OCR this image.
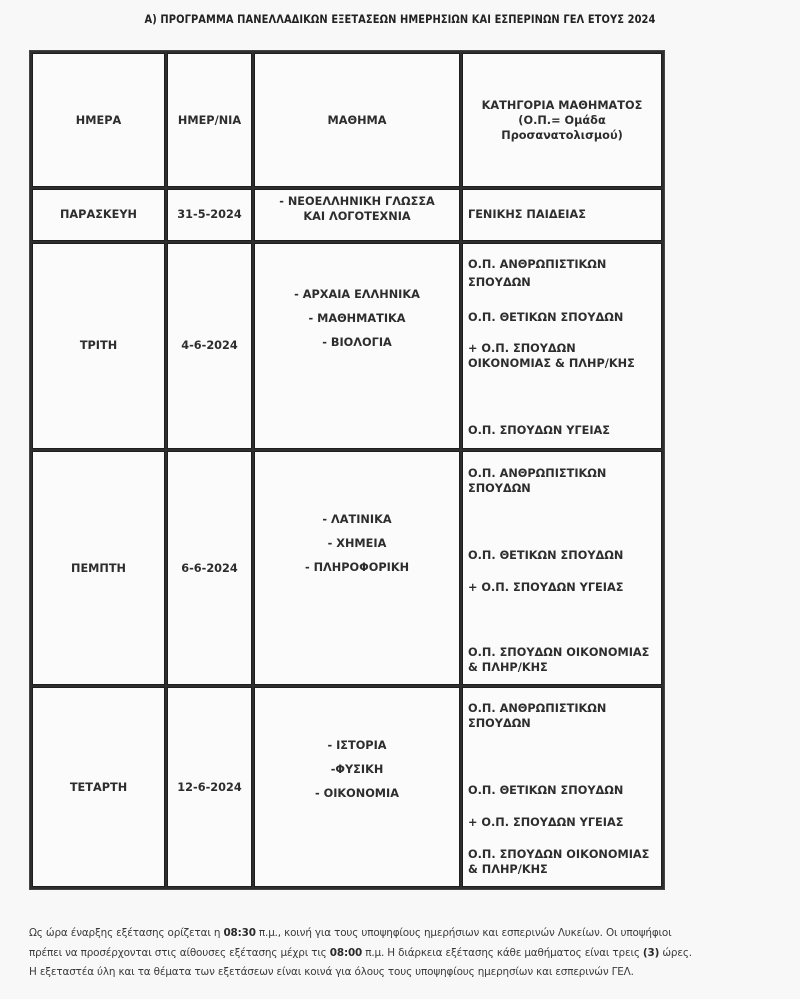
Α) ΠΡΟΓΡΑΜΜΑ ΠΑΝΕΛΛΑΔΙΚΩΝ ΕΞΕΤΑΣΕΩΝ ΗΜΕΡΗΣΙΩΝ ΚΑΙ ΕΣΠΕΡΙΝΩΝ ΓΕΛ ΕΤΟΥΣ 2024
ΗΜΕΡΑ	ΗΜΕΡ/ΝΙΑ	ΜΑΘΗΜΑ	ΚΑΤΗΓΟΡΙΑ ΜΑΘΗΜΑΤΟΣ
(Ο.Π.= Ομάδα
Προσανατολισμού)

ΠΑΡΑΣΚΕΥΗ	31-5-2024	- ΝΕΟΕΛΛΗΝΙΚΗ ΓΛΩΣΣΑ
ΚΑΙ ΛΟΓΟΤΕΧΝΙΑ	ΓΕΝΙΚΗΣ ΠΑΙΔΕΙΑΣ

ΤΡΙΤΗ	4-6-2024	- ΑΡΧΑΙΑ ΕΛΛΗΝΙΚΑ
- ΜΑΘΗΜΑΤΙΚΑ
- ΒΙΟΛΟΓΙΑ	Ο.Π. ΑΝΘΡΩΠΙΣΤΙΚΩΝ ΣΠΟΥΔΩΝ
Ο.Π. ΘΕΤΙΚΩΝ ΣΠΟΥΔΩΝ
+ Ο.Π. ΣΠΟΥΔΩΝ ΟΙΚΟΝΟΜΙΑΣ & ΠΛΗΡ/ΚΗΣ
Ο.Π. ΣΠΟΥΔΩΝ ΥΓΕΙΑΣ

ΠΕΜΠΤΗ	6-6-2024	- ΛΑΤΙΝΙΚΑ
- ΧΗΜΕΙΑ
- ΠΛΗΡΟΦΟΡΙΚΗ	Ο.Π. ΑΝΘΡΩΠΙΣΤΙΚΩΝ ΣΠΟΥΔΩΝ
Ο.Π. ΘΕΤΙΚΩΝ ΣΠΟΥΔΩΝ
+ Ο.Π. ΣΠΟΥΔΩΝ ΥΓΕΙΑΣ
Ο.Π. ΣΠΟΥΔΩΝ ΟΙΚΟΝΟΜΙΑΣ & ΠΛΗΡ/ΚΗΣ

ΤΕΤΑΡΤΗ	12-6-2024	- ΙΣΤΟΡΙΑ
-ΦΥΣΙΚΗ
- ΟΙΚΟΝΟΜΙΑ	Ο.Π. ΑΝΘΡΩΠΙΣΤΙΚΩΝ ΣΠΟΥΔΩΝ
Ο.Π. ΘΕΤΙΚΩΝ ΣΠΟΥΔΩΝ
+ Ο.Π. ΣΠΟΥΔΩΝ ΥΓΕΙΑΣ
Ο.Π. ΣΠΟΥΔΩΝ ΟΙΚΟΝΟΜΙΑΣ & ΠΛΗΡ/ΚΗΣ

Ως ώρα έναρξης εξέτασης ορίζεται η 08:30 π.μ., κοινή για τους υποψηφίους ημερήσιων και εσπερινών Λυκείων. Οι υποψήφιοι

πρέπει να προσέρχονται στις αίθουσες εξέτασης μέχρι τις 08:00 π.μ. Η διάρκεια εξέτασης κάθε μαθήματος είναι τρεις (3) ώρες.

Η εξεταστέα ύλη και τα θέματα των εξετάσεων είναι κοινά για όλους τους υποψηφίους ημερησίων και εσπερινών ΓΕΛ.
